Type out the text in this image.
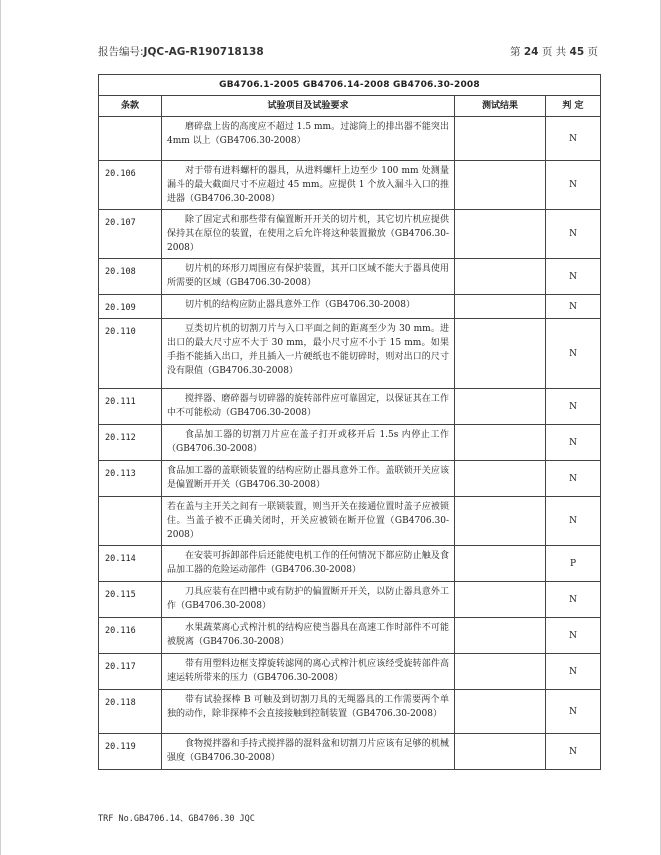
报告编号:JQC-AG-R190718138	第 24 页 共 45 页
GB4706.1-2005 GB4706.14-2008 GB4706.30-2008			
条款	试验项目及试验要求	测试结果	判 定
	磨碎盘上齿的高度应不超过 1.5 mm。过滤筒上的排出器不能突出 4mm 以上（GB4706.30-2008）		N
20.106	对于带有进料螺杆的器具，从进料螺杆上边至少 100 mm 处测量漏斗的最大截面尺寸不应超过 45 mm。应提供 1 个放入漏斗入口的推进器（GB4706.30-2008）		N
20.107	除了固定式和那些带有偏置断开开关的切片机，其它切片机应提供保持其在原位的装置，在使用之后允许将这种装置撤放（GB4706.30-2008）		N
20.108	切片机的环形刀周围应有保护装置，其开口区域不能大于器具使用所需要的区域（GB4706.30-2008）		N
20.109	切片机的结构应防止器具意外工作（GB4706.30-2008）		N
20.110	豆类切片机的切割刀片与入口平面之间的距离至少为 30 mm。进出口的最大尺寸应不大于 30 mm，最小尺寸应不小于 15 mm。如果手指不能插入出口，并且插入一片硬纸也不能切碎时，则对出口的尺寸没有限值（GB4706.30-2008）		N
20.111	搅拌器、磨碎器与切碎器的旋转部件应可靠固定，以保证其在工作中不可能松动（GB4706.30-2008）		N
20.112	食品加工器的切割刀片应在盖子打开或移开后 1.5s 内停止工作（GB4706.30-2008）		N
20.113	食品加工器的盖联锁装置的结构应防止器具意外工作。盖联锁开关应该是偏置断开开关（GB4706.30-2008）		N
	若在盖与主开关之间有一联锁装置，则当开关在接通位置时盖子应被锁住。当盖子被不正确关闭时，开关应被锁在断开位置（GB4706.30-2008）		N
20.114	在安装可拆卸部件后还能使电机工作的任何情况下都应防止触及食品加工器的危险运动部件（GB4706.30-2008）		P
20.115	刀具应装有在凹槽中或有防护的偏置断开开关，以防止器具意外工作（GB4706.30-2008）		N
20.116	水果蔬菜离心式榨汁机的结构应使当器具在高速工作时部件不可能被脱离（GB4706.30-2008）		N
20.117	带有用塑料边框支撑旋转滤网的离心式榨汁机应该经受旋转部件高速运转所带来的压力（GB4706.30-2008）		N
20.118	带有试验探棒 B 可触及到切割刀具的无绳器具的工作需要两个单独的动作，除非探棒不会直接接触到控制装置（GB4706.30-2008）		N
20.119	食物搅拌器和手持式搅拌器的混料盆和切割刀片应该有足够的机械强度（GB4706.30-2008）		N
TRF No.GB4706.14、GB4706.30 JQC
